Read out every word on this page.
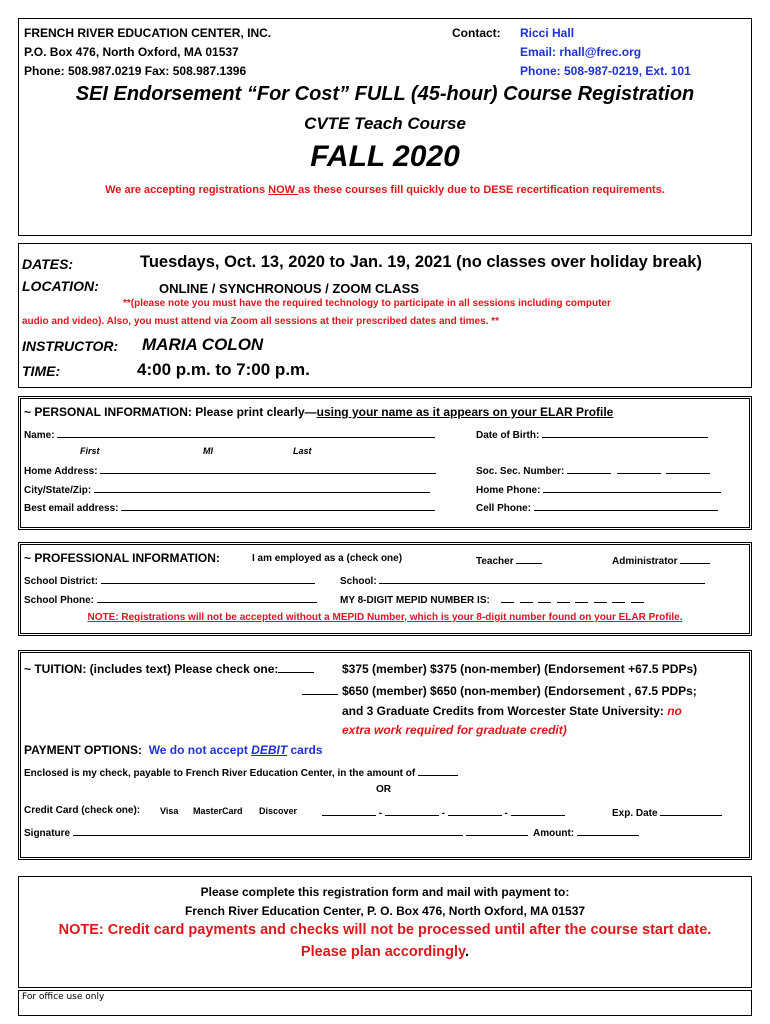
FRENCH RIVER EDUCATION CENTER, INC.
P.O. Box 476, North Oxford, MA 01537
Phone: 508.987.0219 Fax: 508.987.1396
Contact: Ricci Hall
Email: rhall@frec.org
Phone: 508-987-0219, Ext. 101
SEI Endorsement “For Cost” FULL (45-hour) Course Registration
CVTE Teach Course
FALL 2020
We are accepting registrations NOW as these courses fill quickly due to DESE recertification requirements.
DATES:	Tuesdays, Oct. 13, 2020 to Jan. 19, 2021 (no classes over holiday break)
LOCATION:	ONLINE / SYNCHRONOUS / ZOOM CLASS
**(please note you must have the required technology to participate in all sessions including computer
audio and video). Also, you must attend via Zoom all sessions at their prescribed dates and times. **
INSTRUCTOR: MARIA COLON
TIME:	4:00 p.m. to 7:00 p.m.
~ PERSONAL INFORMATION: Please print clearly—using your name as it appears on your ELAR Profile
Name:
First	MI	Last
Date of Birth:
Home Address:	Soc. Sec. Number:
City/State/Zip:	Home Phone:
Best email address:	Cell Phone:
~ PROFESSIONAL INFORMATION:	I am employed as a (check one)	Teacher	Administrator
School District:	School:
School Phone:	MY 8-DIGIT MEPID NUMBER IS:
NOTE: Registrations will not be accepted without a MEPID Number, which is your 8-digit number found on your ELAR Profile.
~ TUITION: (includes text) Please check one:	$375 (member) $375 (non-member) (Endorsement +67.5 PDPs)
$650 (member) $650 (non-member) (Endorsement , 67.5 PDPs;
and 3 Graduate Credits from Worcester State University: no
extra work required for graduate credit)
PAYMENT OPTIONS: We do not accept DEBIT cards
Enclosed is my check, payable to French River Education Center, in the amount of
OR
Credit Card (check one): Visa MasterCard Discover	-	-	-	Exp. Date
Signature	Amount:
Please complete this registration form and mail with payment to:
French River Education Center, P. O. Box 476, North Oxford, MA 01537
NOTE: Credit card payments and checks will not be processed until after the course start date.
Please plan accordingly.
For office use only
